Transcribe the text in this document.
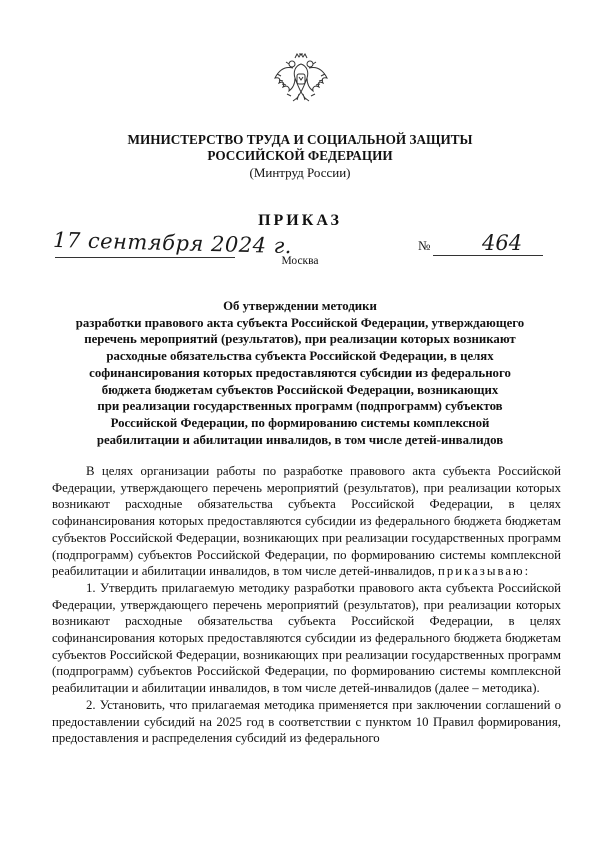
МИНИСТЕРСТВО ТРУДА И СОЦИАЛЬНОЙ ЗАЩИТЫ
РОССИЙСКОЙ ФЕДЕРАЦИИ
(Минтруд России)
ПРИКАЗ
17 сентября 2024 г.	№ 464
Москва
Об утверждении методики
разработки правового акта субъекта Российской Федерации, утверждающего
перечень мероприятий (результатов), при реализации которых возникают
расходные обязательства субъекта Российской Федерации, в целях
софинансирования которых предоставляются субсидии из федерального
бюджета бюджетам субъектов Российской Федерации, возникающих
при реализации государственных программ (подпрограмм) субъектов
Российской Федерации, по формированию системы комплексной
реабилитации и абилитации инвалидов, в том числе детей-инвалидов

В целях организации работы по разработке правового акта субъекта Российской Федерации, утверждающего перечень мероприятий (результатов), при реализации которых возникают расходные обязательства субъекта Российской Федерации, в целях софинансирования которых предоставляются субсидии из федерального бюджета бюджетам субъектов Российской Федерации, возникающих при реализации государственных программ (подпрограмм) субъектов Российской Федерации, по формированию системы комплексной реабилитации и абилитации инвалидов, в том числе детей-инвалидов, приказываю:

1. Утвердить прилагаемую методику разработки правового акта субъекта Российской Федерации, утверждающего перечень мероприятий (результатов), при реализации которых возникают расходные обязательства субъекта Российской Федерации, в целях софинансирования которых предоставляются субсидии из федерального бюджета бюджетам субъектов Российской Федерации, возникающих при реализации государственных программ (подпрограмм) субъектов Российской Федерации, по формированию системы комплексной реабилитации и абилитации инвалидов, в том числе детей-инвалидов (далее – методика).

2. Установить, что прилагаемая методика применяется при заключении соглашений о предоставлении субсидий на 2025 год в соответствии с пунктом 10 Правил формирования, предоставления и распределения субсидий из федерального
